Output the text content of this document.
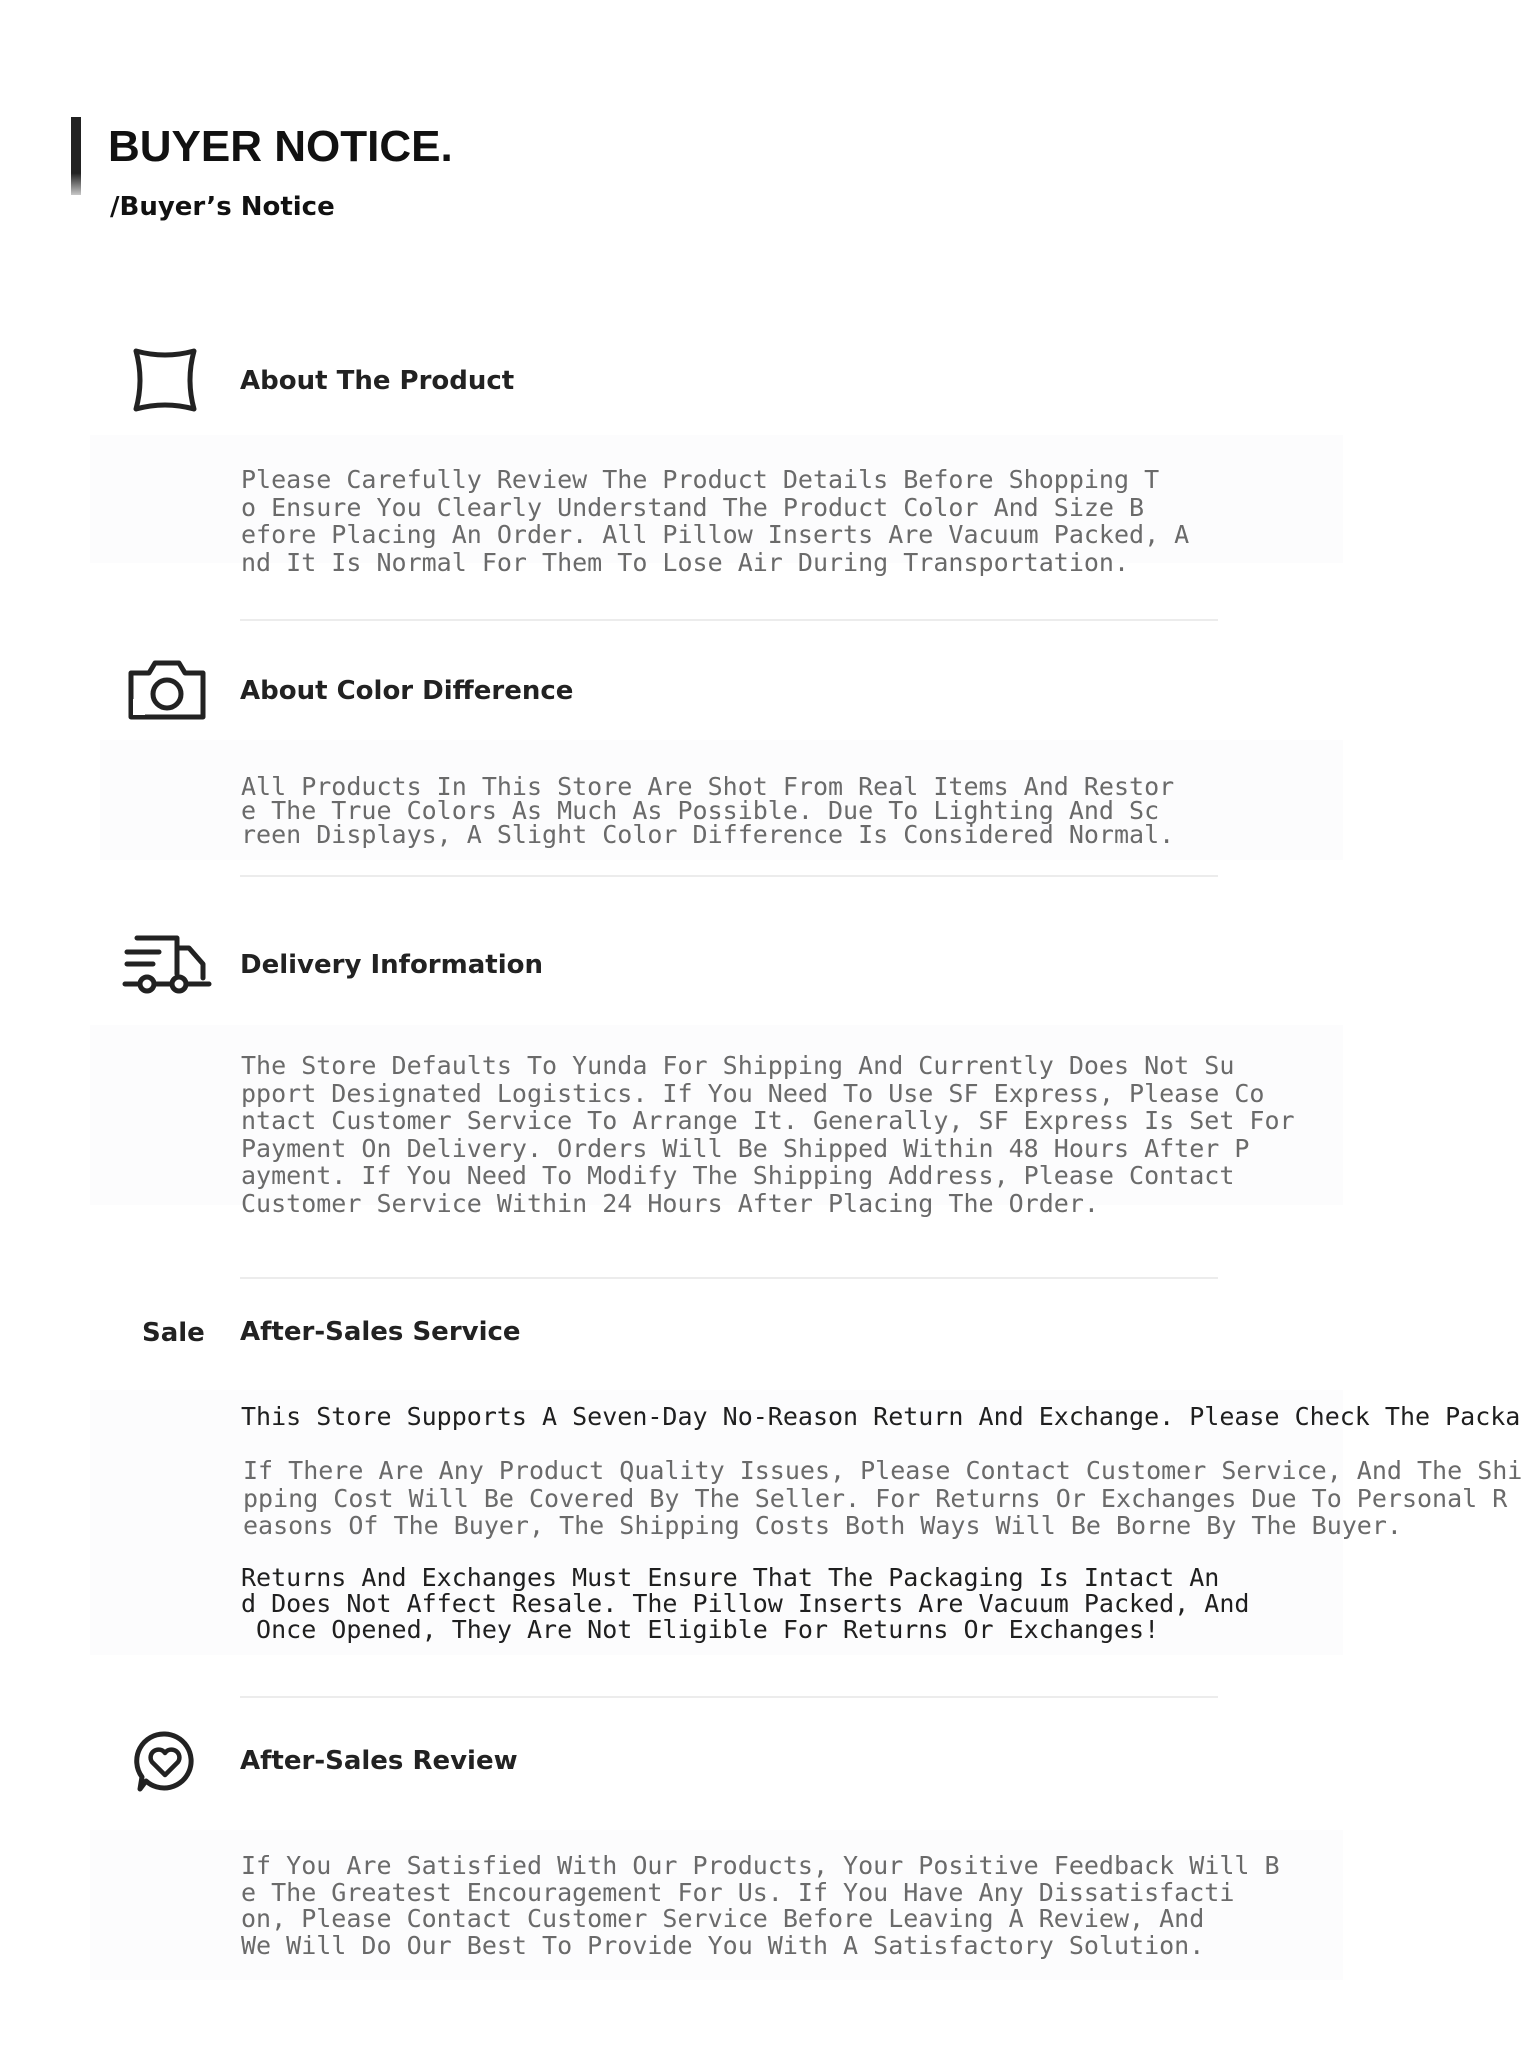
BUYER NOTICE.
/Buyer’s Notice
About The Product
Please Carefully Review The Product Details Before Shopping T
o Ensure You Clearly Understand The Product Color And Size B
efore Placing An Order. All Pillow Inserts Are Vacuum Packed, A
nd It Is Normal For Them To Lose Air During Transportation.
About Color Difference
All Products In This Store Are Shot From Real Items And Restor
e The True Colors As Much As Possible. Due To Lighting And Sc
reen Displays, A Slight Color Difference Is Considered Normal.
Delivery Information
The Store Defaults To Yunda For Shipping And Currently Does Not Su
pport Designated Logistics. If You Need To Use SF Express, Please Co
ntact Customer Service To Arrange It. Generally, SF Express Is Set For
Payment On Delivery. Orders Will Be Shipped Within 48 Hours After P
ayment. If You Need To Modify The Shipping Address, Please Contact
Customer Service Within 24 Hours After Placing The Order.
Sale After-Sales Service
This Store Supports A Seven-Day No-Reason Return And Exchange. Please Check The Packa
If There Are Any Product Quality Issues, Please Contact Customer Service, And The Shi
pping Cost Will Be Covered By The Seller. For Returns Or Exchanges Due To Personal R
easons Of The Buyer, The Shipping Costs Both Ways Will Be Borne By The Buyer.
Returns And Exchanges Must Ensure That The Packaging Is Intact An
d Does Not Affect Resale. The Pillow Inserts Are Vacuum Packed, And
Once Opened, They Are Not Eligible For Returns Or Exchanges!
After-Sales Review
If You Are Satisfied With Our Products, Your Positive Feedback Will B
e The Greatest Encouragement For Us. If You Have Any Dissatisfacti
on, Please Contact Customer Service Before Leaving A Review, And
We Will Do Our Best To Provide You With A Satisfactory Solution.
